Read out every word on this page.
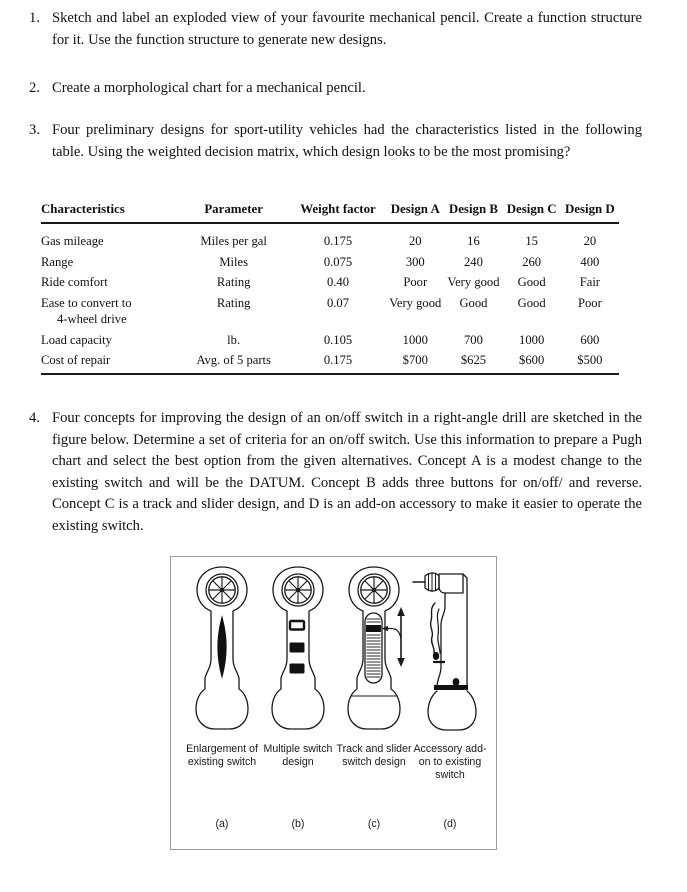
1. Sketch and label an exploded view of your favourite mechanical pencil. Create a function structure for it. Use the function structure to generate new designs.
2. Create a morphological chart for a mechanical pencil.
3. Four preliminary designs for sport-utility vehicles had the characteristics listed in the following table. Using the weighted decision matrix, which design looks to be the most promising?
4. Four concepts for improving the design of an on/off switch in a right-angle drill are sketched in the figure below. Determine a set of criteria for an on/off switch. Use this information to prepare a Pugh chart and select the best option from the given alternatives. Concept A is a modest change to the existing switch and will be the DATUM. Concept B adds three buttons for on/off/ and reverse. Concept C is a track and slider design, and D is an add-on accessory to make it easier to operate the existing switch.
Characteristics	Parameter	Weight factor	Design A	Design B	Design C	Design D
Gas mileage	Miles per gal	0.175	20	16	15	20
Range	Miles	0.075	300	240	260	400
Ride comfort	Rating	0.40	Poor	Very good	Good	Fair
Ease to convert to
4-wheel drive	Rating	0.07	Very good	Good	Good	Poor
Load capacity	lb.	0.105	1000	700	1000	600
Cost of repair	Avg. of 5 parts	0.175	$700	$625	$600	$500
Enlargement of existing switch
Multiple switch design
Track and slider switch design
Accessory add-on to existing switch
(a)	(b)	(c)	(d)
